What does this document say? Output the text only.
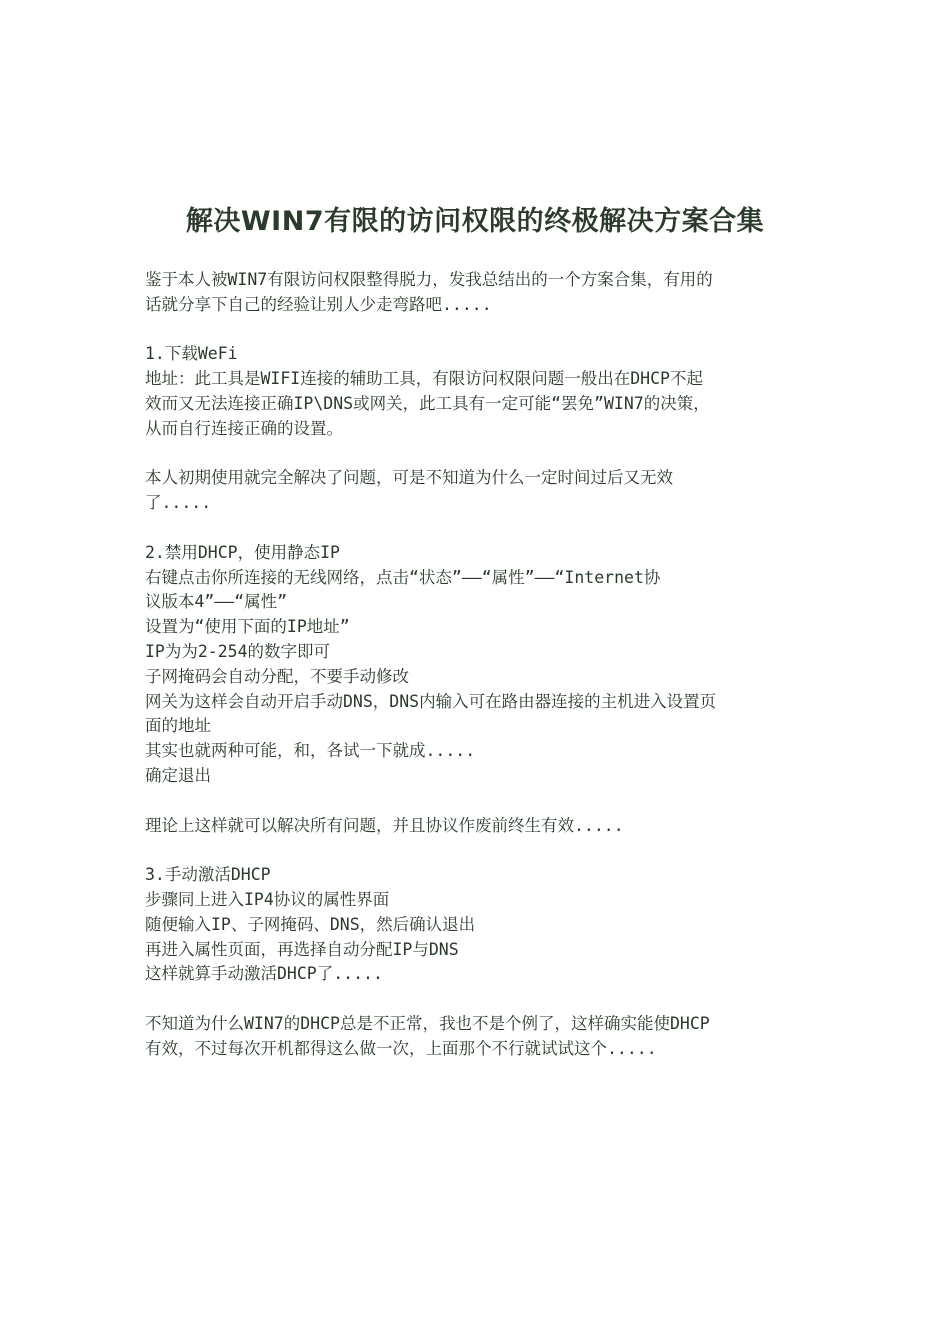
解决WIN7有限的访问权限的终极解决方案合集
鉴于本人被WIN7有限访问权限整得脱力，发我总结出的一个方案合集，有用的
话就分享下自己的经验让别人少走弯路吧.....
1.下载WeFi
地址：此工具是WIFI连接的辅助工具，有限访问权限问题一般出在DHCP不起
效而又无法连接正确IP\DNS或网关，此工具有一定可能“罢免”WIN7的决策，
从而自行连接正确的设置。
本人初期使用就完全解决了问题，可是不知道为什么一定时间过后又无效
了.....
2.禁用DHCP，使用静态IP
右键点击你所连接的无线网络，点击“状态”——“属性”——“Internet协
议版本4”——“属性”
设置为“使用下面的IP地址”
IP为为2-254的数字即可
子网掩码会自动分配，不要手动修改
网关为这样会自动开启手动DNS，DNS内输入可在路由器连接的主机进入设置页
面的地址
其实也就两种可能，和，各试一下就成.....
确定退出
理论上这样就可以解决所有问题，并且协议作废前终生有效.....
3.手动激活DHCP
步骤同上进入IP4协议的属性界面
随便输入IP、子网掩码、DNS，然后确认退出
再进入属性页面，再选择自动分配IP与DNS
这样就算手动激活DHCP了.....
不知道为什么WIN7的DHCP总是不正常，我也不是个例了，这样确实能使DHCP
有效，不过每次开机都得这么做一次，上面那个不行就试试这个.....
